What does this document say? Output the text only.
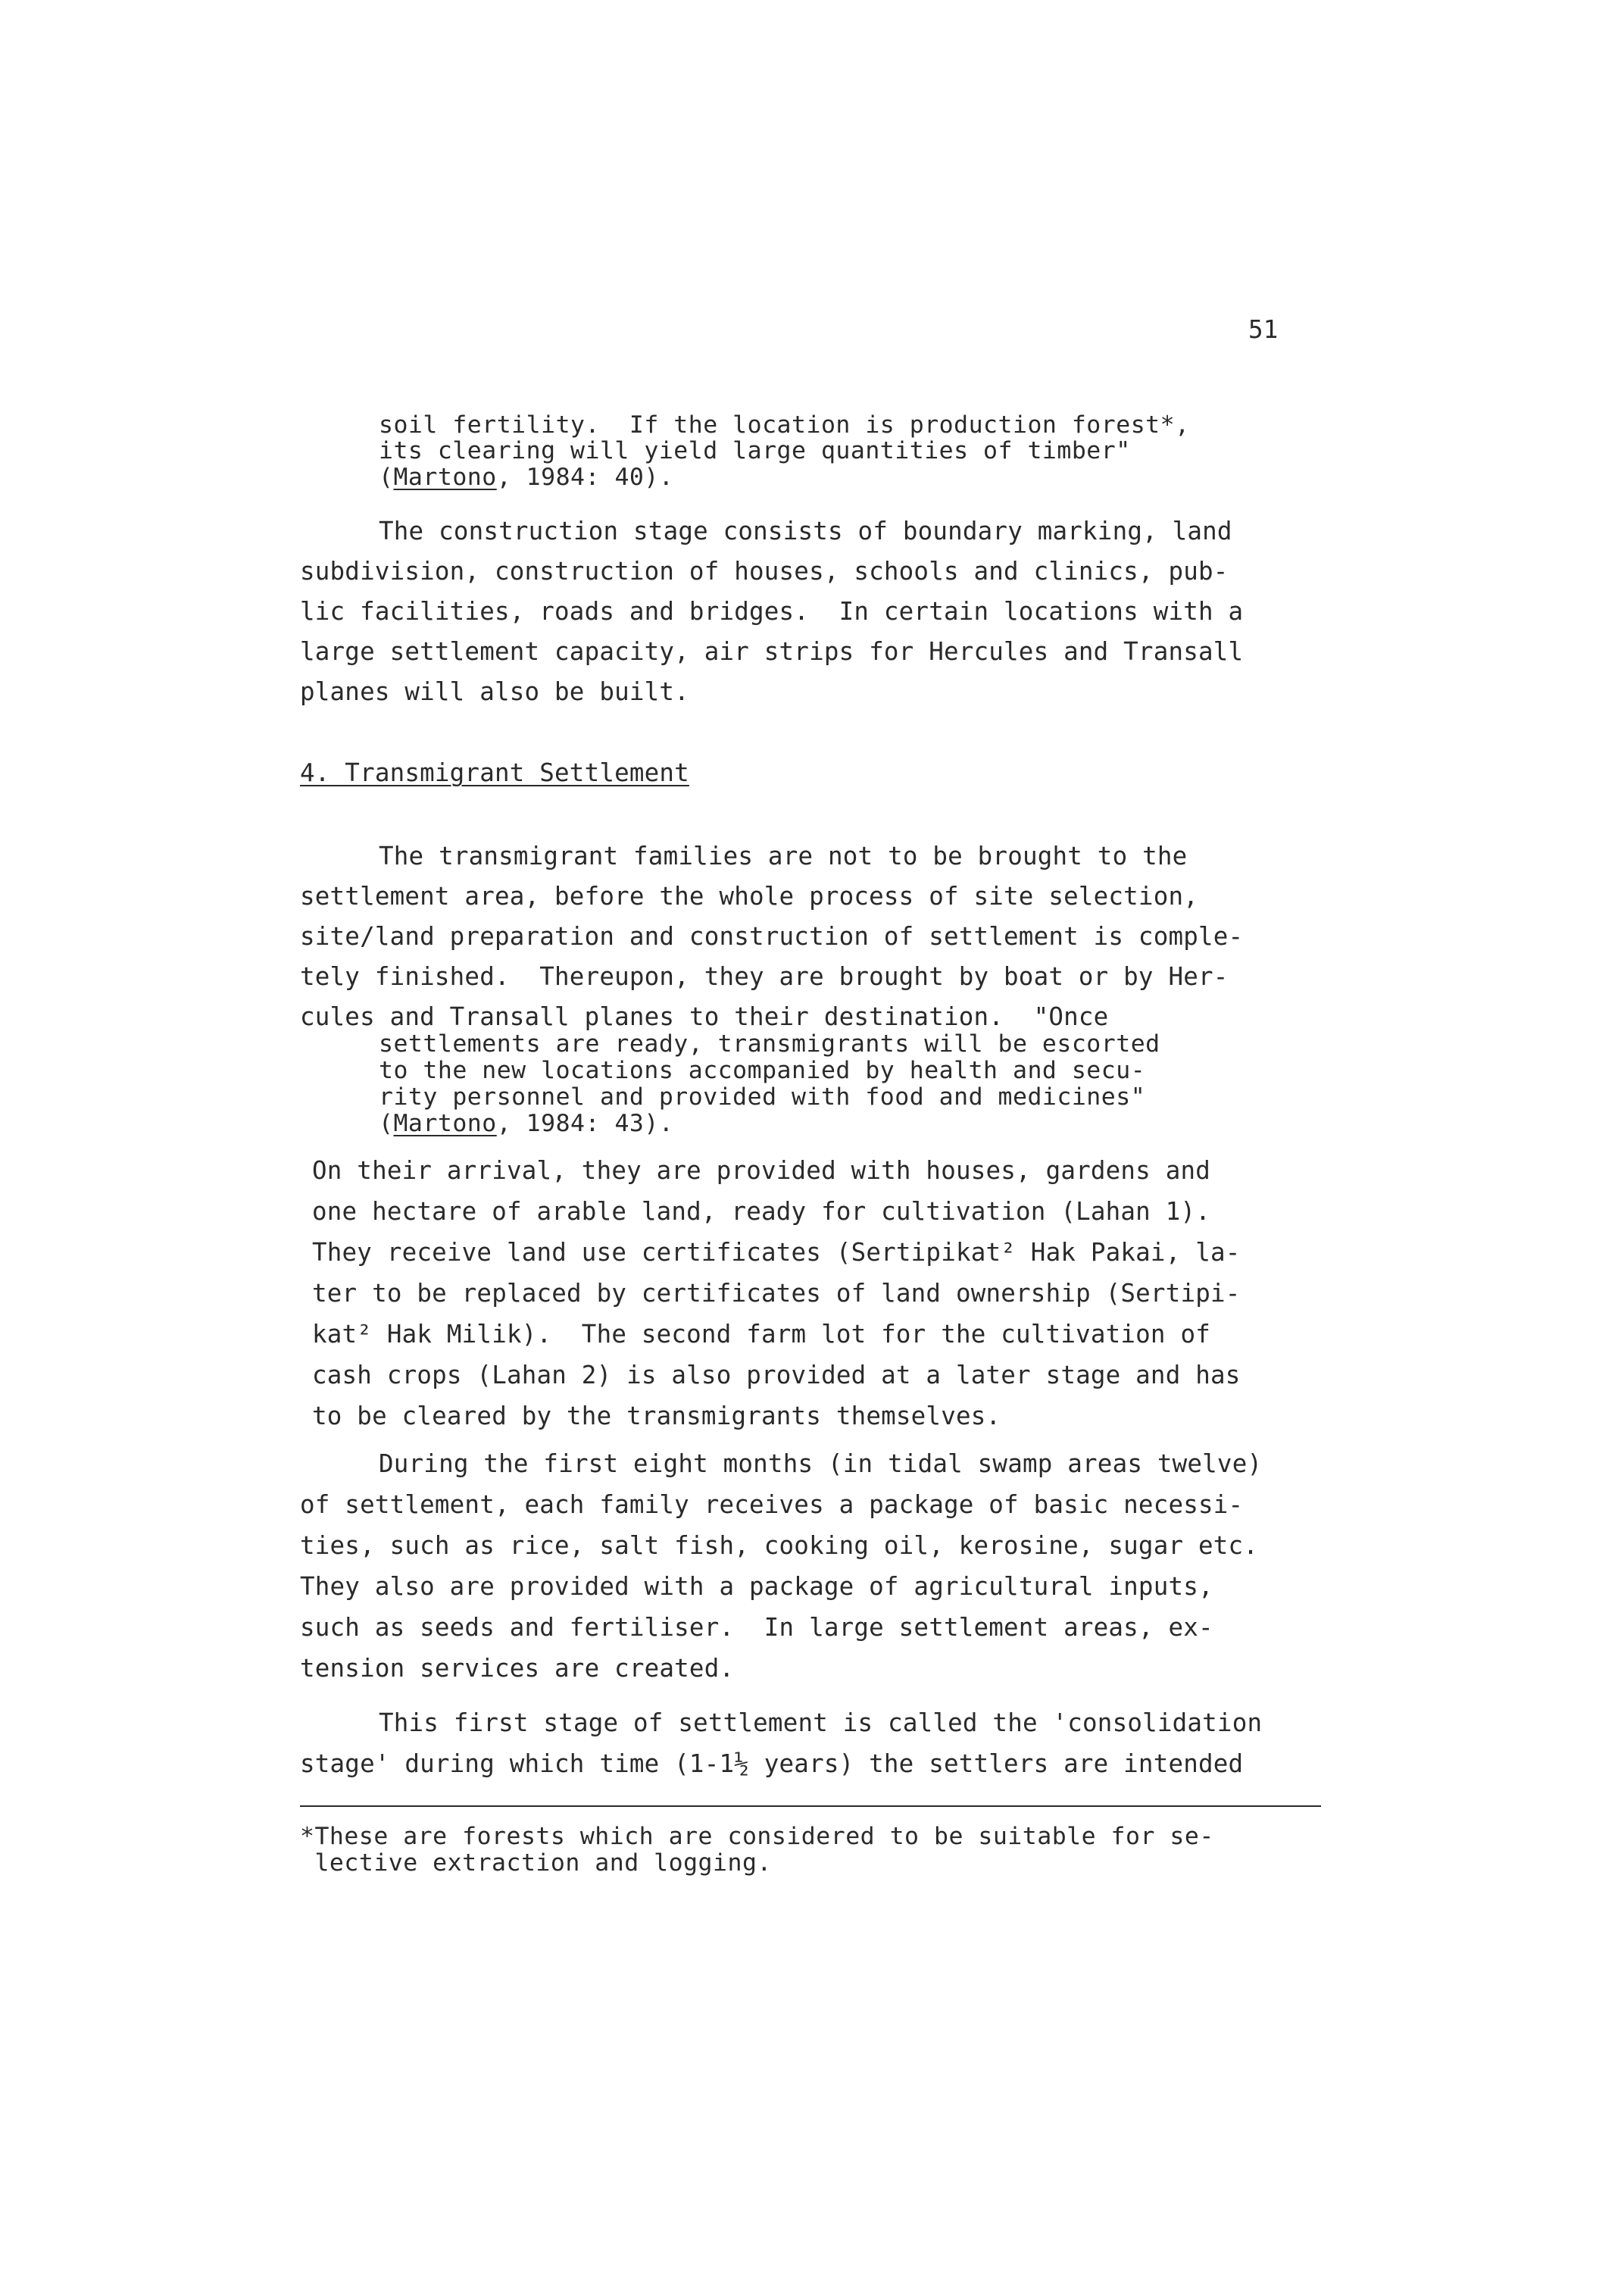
51
soil fertility.  If the location is production forest*,
its clearing will yield large quantities of timber"
(Martono, 1984: 40).
The construction stage consists of boundary marking, land
subdivision, construction of houses, schools and clinics, pub-
lic facilities, roads and bridges.  In certain locations with a
large settlement capacity, air strips for Hercules and Transall
planes will also be built.
4. Transmigrant Settlement
The transmigrant families are not to be brought to the
settlement area, before the whole process of site selection,
site/land preparation and construction of settlement is comple-
tely finished.  Thereupon, they are brought by boat or by Her-
cules and Transall planes to their destination.  "Once
settlements are ready, transmigrants will be escorted
to the new locations accompanied by health and secu-
rity personnel and provided with food and medicines"
(Martono, 1984: 43).
On their arrival, they are provided with houses, gardens and
one hectare of arable land, ready for cultivation (Lahan 1).
They receive land use certificates (Sertipikat² Hak Pakai, la-
ter to be replaced by certificates of land ownership (Sertipi-
kat² Hak Milik).  The second farm lot for the cultivation of
cash crops (Lahan 2) is also provided at a later stage and has
to be cleared by the transmigrants themselves.
During the first eight months (in tidal swamp areas twelve)
of settlement, each family receives a package of basic necessi-
ties, such as rice, salt fish, cooking oil, kerosine, sugar etc.
They also are provided with a package of agricultural inputs,
such as seeds and fertiliser.  In large settlement areas, ex-
tension services are created.
This first stage of settlement is called the 'consolidation
stage' during which time (1-1½ years) the settlers are intended
*These are forests which are considered to be suitable for se-
lective extraction and logging.
